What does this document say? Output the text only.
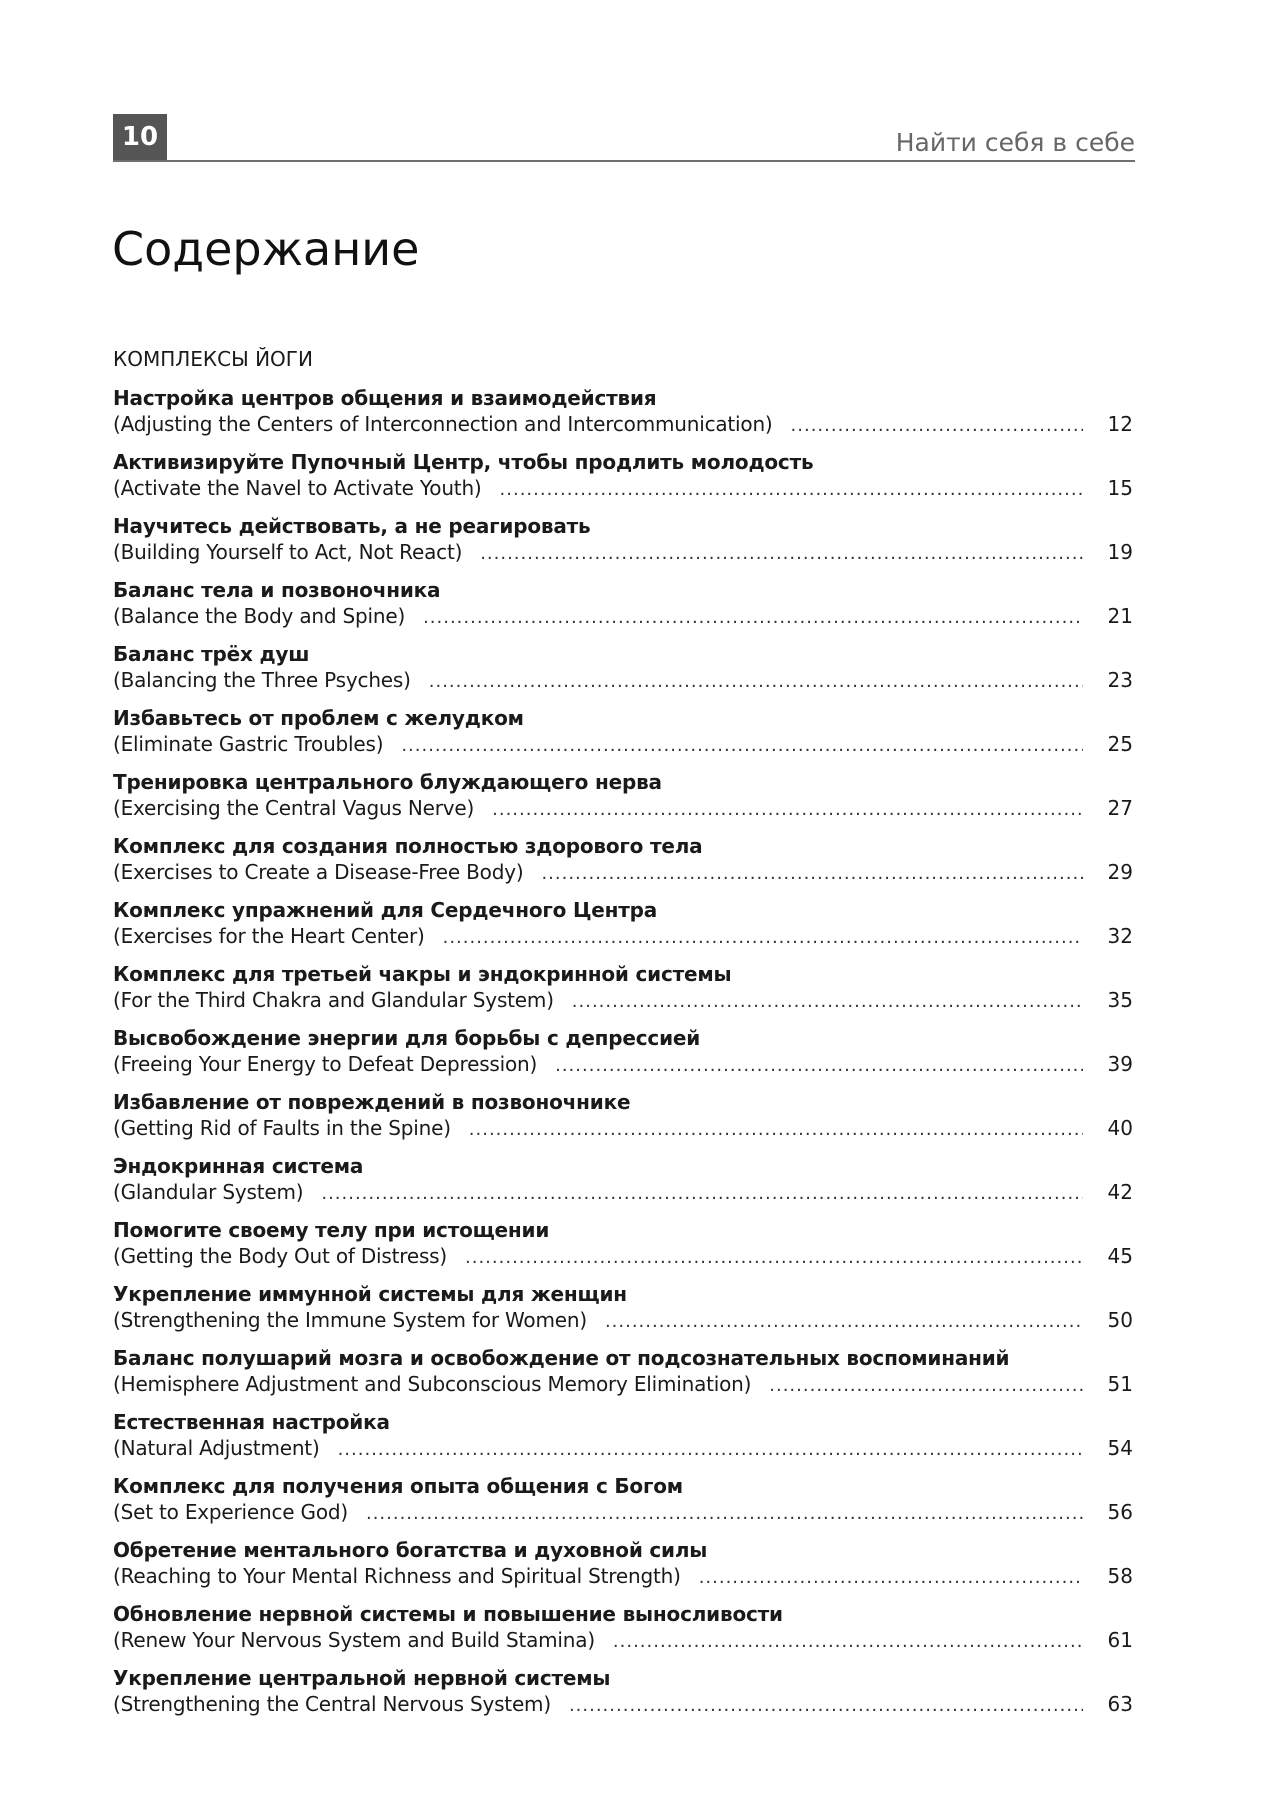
10	Найти себя в себе
Содержание
КОМПЛЕКСЫ ЙОГИ
Настройка центров общения и взаимодействия
(Adjusting the Centers of Interconnection and Intercommunication) .....	12
Активизируйте Пупочный Центр, чтобы продлить молодость
(Activate the Navel to Activate Youth) .....	15
Научитесь действовать, а не реагировать
(Building Yourself to Act, Not React) .....	19
Баланс тела и позвоночника
(Balance the Body and Spine) .....	21
Баланс трёх душ
(Balancing the Three Psyches) .....	23
Избавьтесь от проблем с желудком
(Eliminate Gastric Troubles) .....	25
Тренировка центрального блуждающего нерва
(Exercising the Central Vagus Nerve) .....	27
Комплекс для создания полностью здорового тела
(Exercises to Create a Disease-Free Body) .....	29
Комплекс упражнений для Сердечного Центра
(Exercises for the Heart Center) .....	32
Комплекс для третьей чакры и эндокринной системы
(For the Third Chakra and Glandular System) .....	35
Высвобождение энергии для борьбы с депрессией
(Freeing Your Energy to Defeat Depression) .....	39
Избавление от повреждений в позвоночнике
(Getting Rid of Faults in the Spine) .....	40
Эндокринная система
(Glandular System) .....	42
Помогите своему телу при истощении
(Getting the Body Out of Distress) .....	45
Укрепление иммунной системы для женщин
(Strengthening the Immune System for Women) .....	50
Баланс полушарий мозга и освобождение от подсознательных воспоминаний
(Hemisphere Adjustment and Subconscious Memory Elimination) .....	51
Естественная настройка
(Natural Adjustment) .....	54
Комплекс для получения опыта общения с Богом
(Set to Experience God) .....	56
Обретение ментального богатства и духовной силы
(Reaching to Your Mental Richness and Spiritual Strength) .....	58
Обновление нервной системы и повышение выносливости
(Renew Your Nervous System and Build Stamina) .....	61
Укрепление центральной нервной системы
(Strengthening the Central Nervous System) .....	63
